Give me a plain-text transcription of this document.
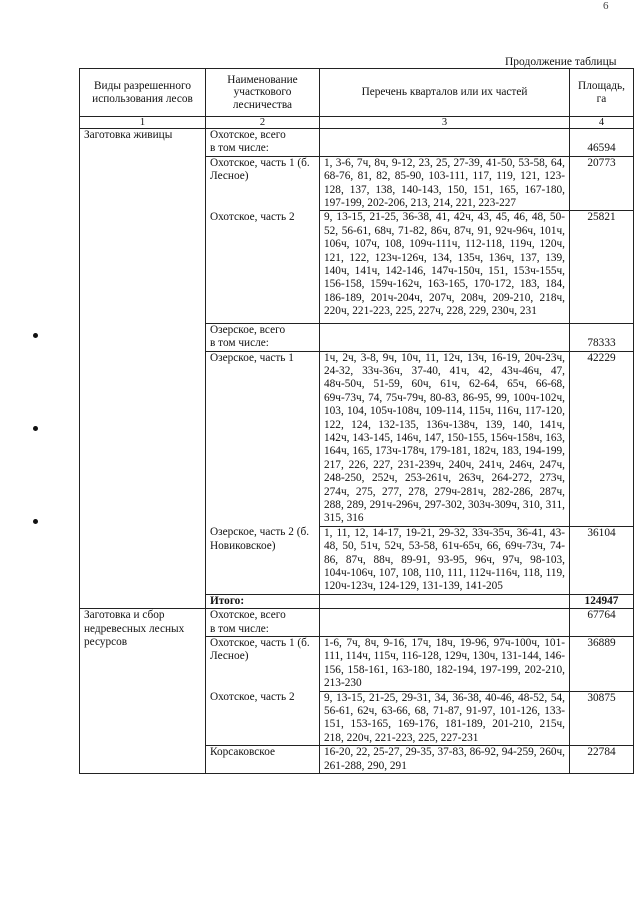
6
Продолжение таблицы
Виды разрешенного использования лесов	Наименование участкового лесничества	Перечень кварталов или их частей	Площадь, га
1	2	3	4
Заготовка живицы	Охотское, всего
в том числе:		46594
	Охотское, часть 1 (б. Лесное)	1, 3-6, 7ч, 8ч, 9-12, 23, 25, 27-39, 41-50, 53-58, 64, 68-76, 81, 82, 85-90, 103-111, 117, 119, 121, 123-128, 137, 138, 140-143, 150, 151, 165, 167-180, 197-199, 202-206, 213, 214, 221, 223-227	20773
	Охотское, часть 2	9, 13-15, 21-25, 36-38, 41, 42ч, 43, 45, 46, 48, 50-52, 56-61, 68ч, 71-82, 86ч, 87ч, 91, 92ч-96ч, 101ч, 106ч, 107ч, 108, 109ч-111ч, 112-118, 119ч, 120ч, 121, 122, 123ч-126ч, 134, 135ч, 136ч, 137, 139, 140ч, 141ч, 142-146, 147ч-150ч, 151, 153ч-155ч, 156-158, 159ч-162ч, 163-165, 170-172, 183, 184, 186-189, 201ч-204ч, 207ч, 208ч, 209-210, 218ч, 220ч, 221-223, 225, 227ч, 228, 229, 230ч, 231	25821

	Озерское, всего
в том числе:		78333
	Озерское, часть 1	1ч, 2ч, 3-8, 9ч, 10ч, 11, 12ч, 13ч, 16-19, 20ч-23ч, 24-32, 33ч-36ч, 37-40, 41ч, 42, 43ч-46ч, 47, 48ч-50ч, 51-59, 60ч, 61ч, 62-64, 65ч, 66-68, 69ч-73ч, 74, 75ч-79ч, 80-83, 86-95, 99, 100ч-102ч, 103, 104, 105ч-108ч, 109-114, 115ч, 116ч, 117-120, 122, 124, 132-135, 136ч-138ч, 139, 140, 141ч, 142ч, 143-145, 146ч, 147, 150-155, 156ч-158ч, 163, 164ч, 165, 173ч-178ч, 179-181, 182ч, 183, 194-199, 217, 226, 227, 231-239ч, 240ч, 241ч, 246ч, 247ч, 248-250, 252ч, 253-261ч, 263ч, 264-272, 273ч, 274ч, 275, 277, 278, 279ч-281ч, 282-286, 287ч, 288, 289, 291ч-296ч, 297-302, 303ч-309ч, 310, 311, 315, 316	42229
	Озерское, часть 2 (б. Новиковское)	1, 11, 12, 14-17, 19-21, 29-32, 33ч-35ч, 36-41, 43-48, 50, 51ч, 52ч, 53-58, 61ч-65ч, 66, 69ч-73ч, 74-86, 87ч, 88ч, 89-91, 93-95, 96ч, 97ч, 98-103, 104ч-106ч, 107, 108, 110, 111, 112ч-116ч, 118, 119, 120ч-123ч, 124-129, 131-139, 141-205	36104
	Итого:		124947
Заготовка и сбор недревесных лесных ресурсов	Охотское, всего
в том числе:		67764
	Охотское, часть 1 (б. Лесное)	1-6, 7ч, 8ч, 9-16, 17ч, 18ч, 19-96, 97ч-100ч, 101-111, 114ч, 115ч, 116-128, 129ч, 130ч, 131-144, 146-156, 158-161, 163-180, 182-194, 197-199, 202-210, 213-230	36889
	Охотское, часть 2	9, 13-15, 21-25, 29-31, 34, 36-38, 40-46, 48-52, 54, 56-61, 62ч, 63-66, 68, 71-87, 91-97, 101-126, 133-151, 153-165, 169-176, 181-189, 201-210, 215ч, 218, 220ч, 221-223, 225, 227-231	30875
	Корсаковское	16-20, 22, 25-27, 29-35, 37-83, 86-92, 94-259, 260ч, 261-288, 290, 291	22784
